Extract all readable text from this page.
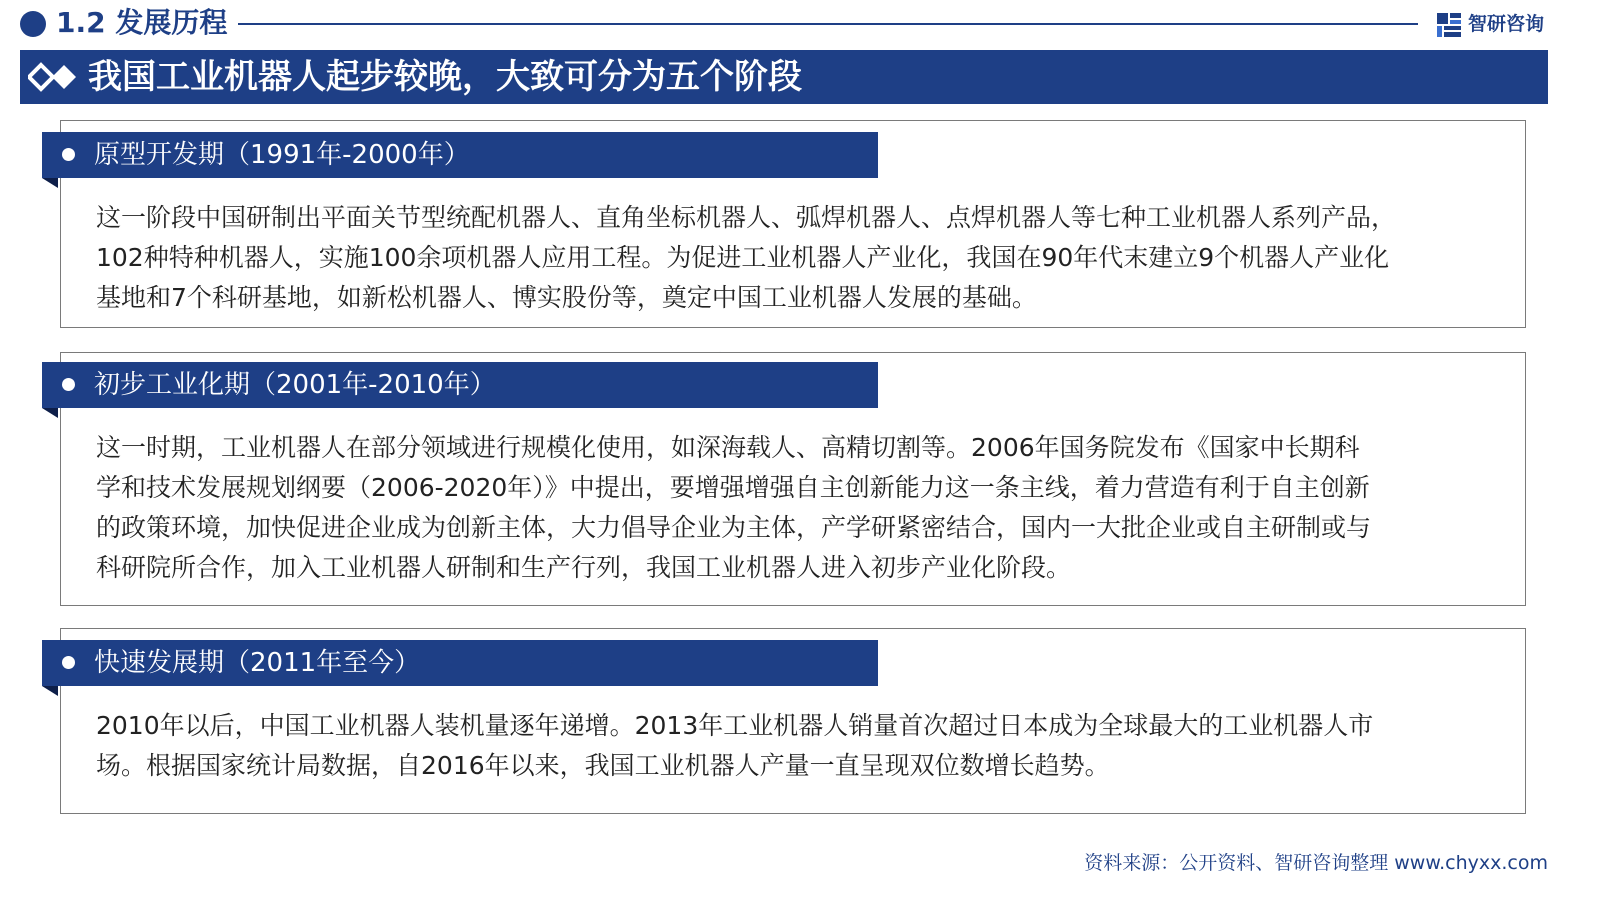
1.2 发展历程	智研咨询
我国工业机器人起步较晚，大致可分为五个阶段
原型开发期（1991年-2000年）
这一阶段中国研制出平面关节型统配机器人、直角坐标机器人、弧焊机器人、点焊机器人等七种工业机器人系列产品，
102种特种机器人，实施100余项机器人应用工程。为促进工业机器人产业化，我国在90年代末建立9个机器人产业化
基地和7个科研基地，如新松机器人、博实股份等，奠定中国工业机器人发展的基础。
初步工业化期（2001年-2010年）
这一时期，工业机器人在部分领域进行规模化使用，如深海载人、高精切割等。2006年国务院发布《国家中长期科
学和技术发展规划纲要（2006-2020年）》中提出，要增强增强自主创新能力这一条主线，着力营造有利于自主创新
的政策环境，加快促进企业成为创新主体，大力倡导企业为主体，产学研紧密结合，国内一大批企业或自主研制或与
科研院所合作，加入工业机器人研制和生产行列，我国工业机器人进入初步产业化阶段。
快速发展期（2011年至今）
2010年以后，中国工业机器人装机量逐年递增。2013年工业机器人销量首次超过日本成为全球最大的工业机器人市
场。根据国家统计局数据，自2016年以来，我国工业机器人产量一直呈现双位数增长趋势。
资料来源：公开资料、智研咨询整理 www.chyxx.com
